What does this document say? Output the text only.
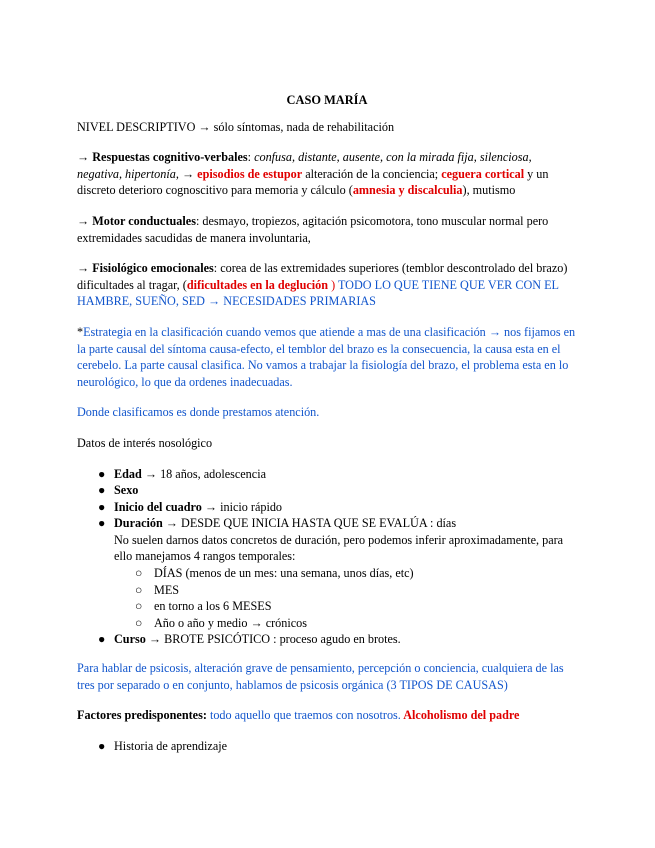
CASO MARÍA

NIVEL DESCRIPTIVO → sólo síntomas, nada de rehabilitación

→ Respuestas cognitivo-verbales: confusa, distante, ausente, con la mirada fija, silenciosa, negativa, hipertonía, → episodios de estupor alteración de la conciencia; ceguera cortical y un discreto deterioro cognoscitivo para memoria y cálculo (amnesia y discalculia), mutismo

→ Motor conductuales: desmayo, tropiezos, agitación psicomotora, tono muscular normal pero extremidades sacudidas de manera involuntaria,

→ Fisiológico emocionales: corea de las extremidades superiores (temblor descontrolado del brazo) dificultades al tragar, (dificultades en la deglución ) TODO LO QUE TIENE QUE VER CON EL HAMBRE, SUEÑO, SED → NECESIDADES PRIMARIAS

*Estrategia en la clasificación cuando vemos que atiende a mas de una clasificación → nos fijamos en la parte causal del síntoma causa-efecto, el temblor del brazo es la consecuencia, la causa esta en el cerebelo. La parte causal clasifica. No vamos a trabajar la fisiología del brazo, el problema esta en lo neurológico, lo que da ordenes inadecuadas.

Donde clasificamos es donde prestamos atención.

Datos de interés nosológico

● Edad → 18 años, adolescencia
● Sexo
● Inicio del cuadro → inicio rápido
● Duración → DESDE QUE INICIA HASTA QUE SE EVALÚA : días
No suelen darnos datos concretos de duración, pero podemos inferir aproximadamente, para ello manejamos 4 rangos temporales:
○ DÍAS (menos de un mes: una semana, unos días, etc)
○ MES
○ en torno a los 6 MESES
○ Año o año y medio → crónicos
● Curso → BROTE PSICÓTICO : proceso agudo en brotes.

Para hablar de psicosis, alteración grave de pensamiento, percepción o conciencia, cualquiera de las tres por separado o en conjunto, hablamos de psicosis orgánica (3 TIPOS DE CAUSAS)

Factores predisponentes: todo aquello que traemos con nosotros. Alcoholismo del padre

● Historia de aprendizaje
